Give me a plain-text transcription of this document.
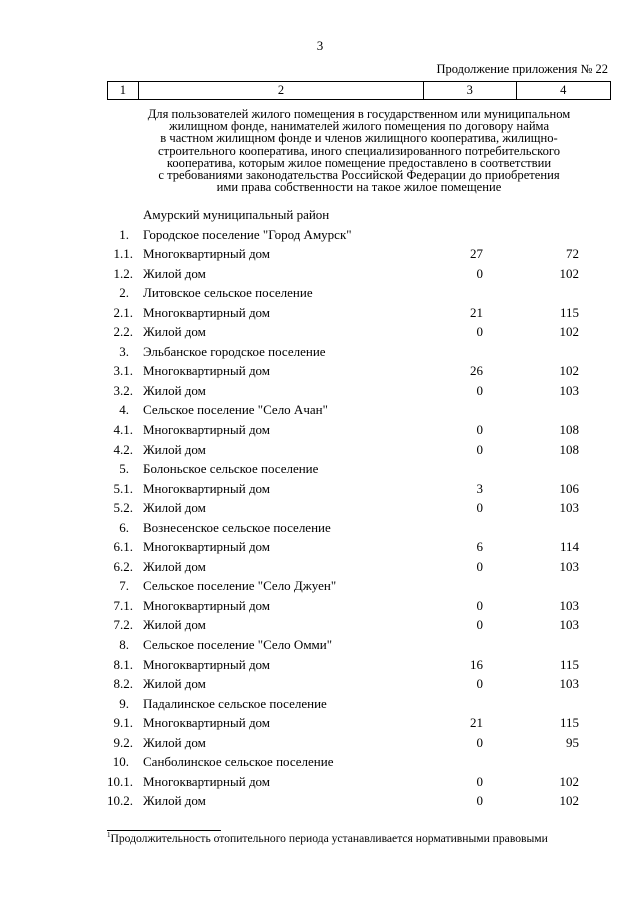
3
Продолжение приложения № 22
1	2	3	4
Для пользователей жилого помещения в государственном или муниципальном
жилищном фонде, нанимателей жилого помещения по договору найма
в частном жилищном фонде и членов жилищного кооператива, жилищно-
строительного кооператива, иного специализированного потребительского
кооператива, которым жилое помещение предоставлено в соответствии
с требованиями законодательства Российской Федерации до приобретения
ими права собственности на такое жилое помещение
Амурский муниципальный район
1. Городское поселение "Город Амурск"
1.1. Многоквартирный дом	27	72
1.2. Жилой дом	0	102
2. Литовское сельское поселение
2.1. Многоквартирный дом	21	115
2.2. Жилой дом	0	102
3. Эльбанское городское поселение
3.1. Многоквартирный дом	26	102
3.2. Жилой дом	0	103
4. Сельское поселение "Село Ачан"
4.1. Многоквартирный дом	0	108
4.2. Жилой дом	0	108
5. Болоньское сельское поселение
5.1. Многоквартирный дом	3	106
5.2. Жилой дом	0	103
6. Вознесенское сельское поселение
6.1. Многоквартирный дом	6	114
6.2. Жилой дом	0	103
7. Сельское поселение "Село Джуен"
7.1. Многоквартирный дом	0	103
7.2. Жилой дом	0	103
8. Сельское поселение "Село Омми"
8.1. Многоквартирный дом	16	115
8.2. Жилой дом	0	103
9. Падалинское сельское поселение
9.1. Многоквартирный дом	21	115
9.2. Жилой дом	0	95
10. Санболинское сельское поселение
10.1. Многоквартирный дом	0	102
10.2. Жилой дом	0	102
$^1$Продолжительность отопительного периода устанавливается нормативными правовыми
